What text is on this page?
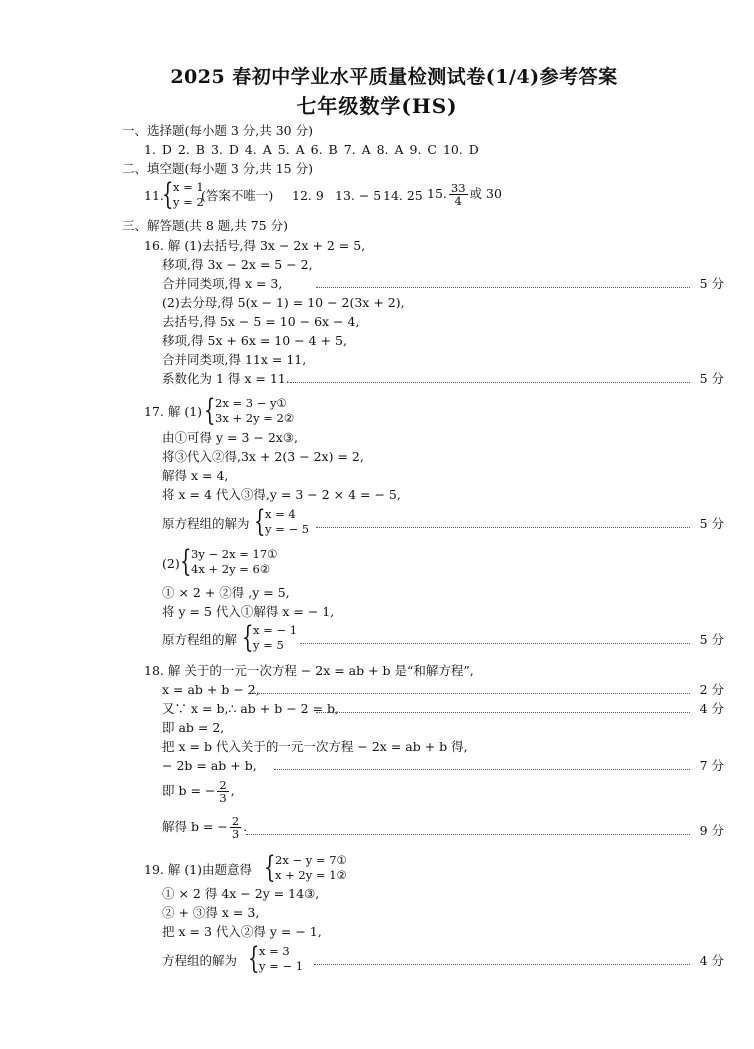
2025 春初中学业水平质量检测试卷(1/4)参考答案
七年级数学(HS)
一、选择题(每小题 3 分,共 30 分)
1. D 2. B 3. D 4. A 5. A 6. B 7. A 8. A 9. C 10. D
二、填空题(每小题 3 分,共 15 分)
11.
{ x = 1
y = 2
(答案不唯一) 12. 9 13. − 5 14. 25 15. $\frac{33}{4}$ 或 30
三、解答题(共 8 题,共 75 分)
16. 解 (1)去括号,得 3x − 2x + 2 = 5,
移项,得 3x − 2x = 5 − 2,
合并同类项,得 x = 3,	5 分
(2)去分母,得 5(x − 1) = 10 − 2(3x + 2),
去括号,得 5x − 5 = 10 − 6x − 4,
移项,得 5x + 6x = 10 − 4 + 5,
合并同类项,得 11x = 11,
系数化为 1 得 x = 11.	5 分
17. 解 (1) { 2x = 3 − y①
3x + 2y = 2②
由①可得 y = 3 − 2x③,
将③代入②得,3x + 2(3 − 2x) = 2,
解得 x = 4,
将 x = 4 代入③得,y = 3 − 2 × 4 = − 5,
原方程组的解为 { x = 4
y = − 5	5 分
(2) { 3y − 2x = 17①
4x + 2y = 6②
① × 2 + ②得 ,y = 5,
将 y = 5 代入①解得 x = − 1,
原方程组的解 { x = − 1
y = 5	5 分
18. 解 关于的一元一次方程 − 2x = ab + b 是“和解方程”,
x = ab + b − 2,	2 分
又∵ x = b,∴ ab + b − 2 = b,	4 分
即 ab = 2,
把 x = b 代入关于的一元一次方程 − 2x = ab + b 得,
− 2b = ab + b,	7 分
即 b = − $\frac{2}{3}$ ,
解得 b = − $\frac{2}{3}$ .	9 分
19. 解 (1)由题意得 { 2x − y = 7①
x + 2y = 1②
① × 2 得 4x − 2y = 14③,
② + ③得 x = 3,
把 x = 3 代入②得 y = − 1,
方程组的解为 { x = 3
y = − 1	4 分
